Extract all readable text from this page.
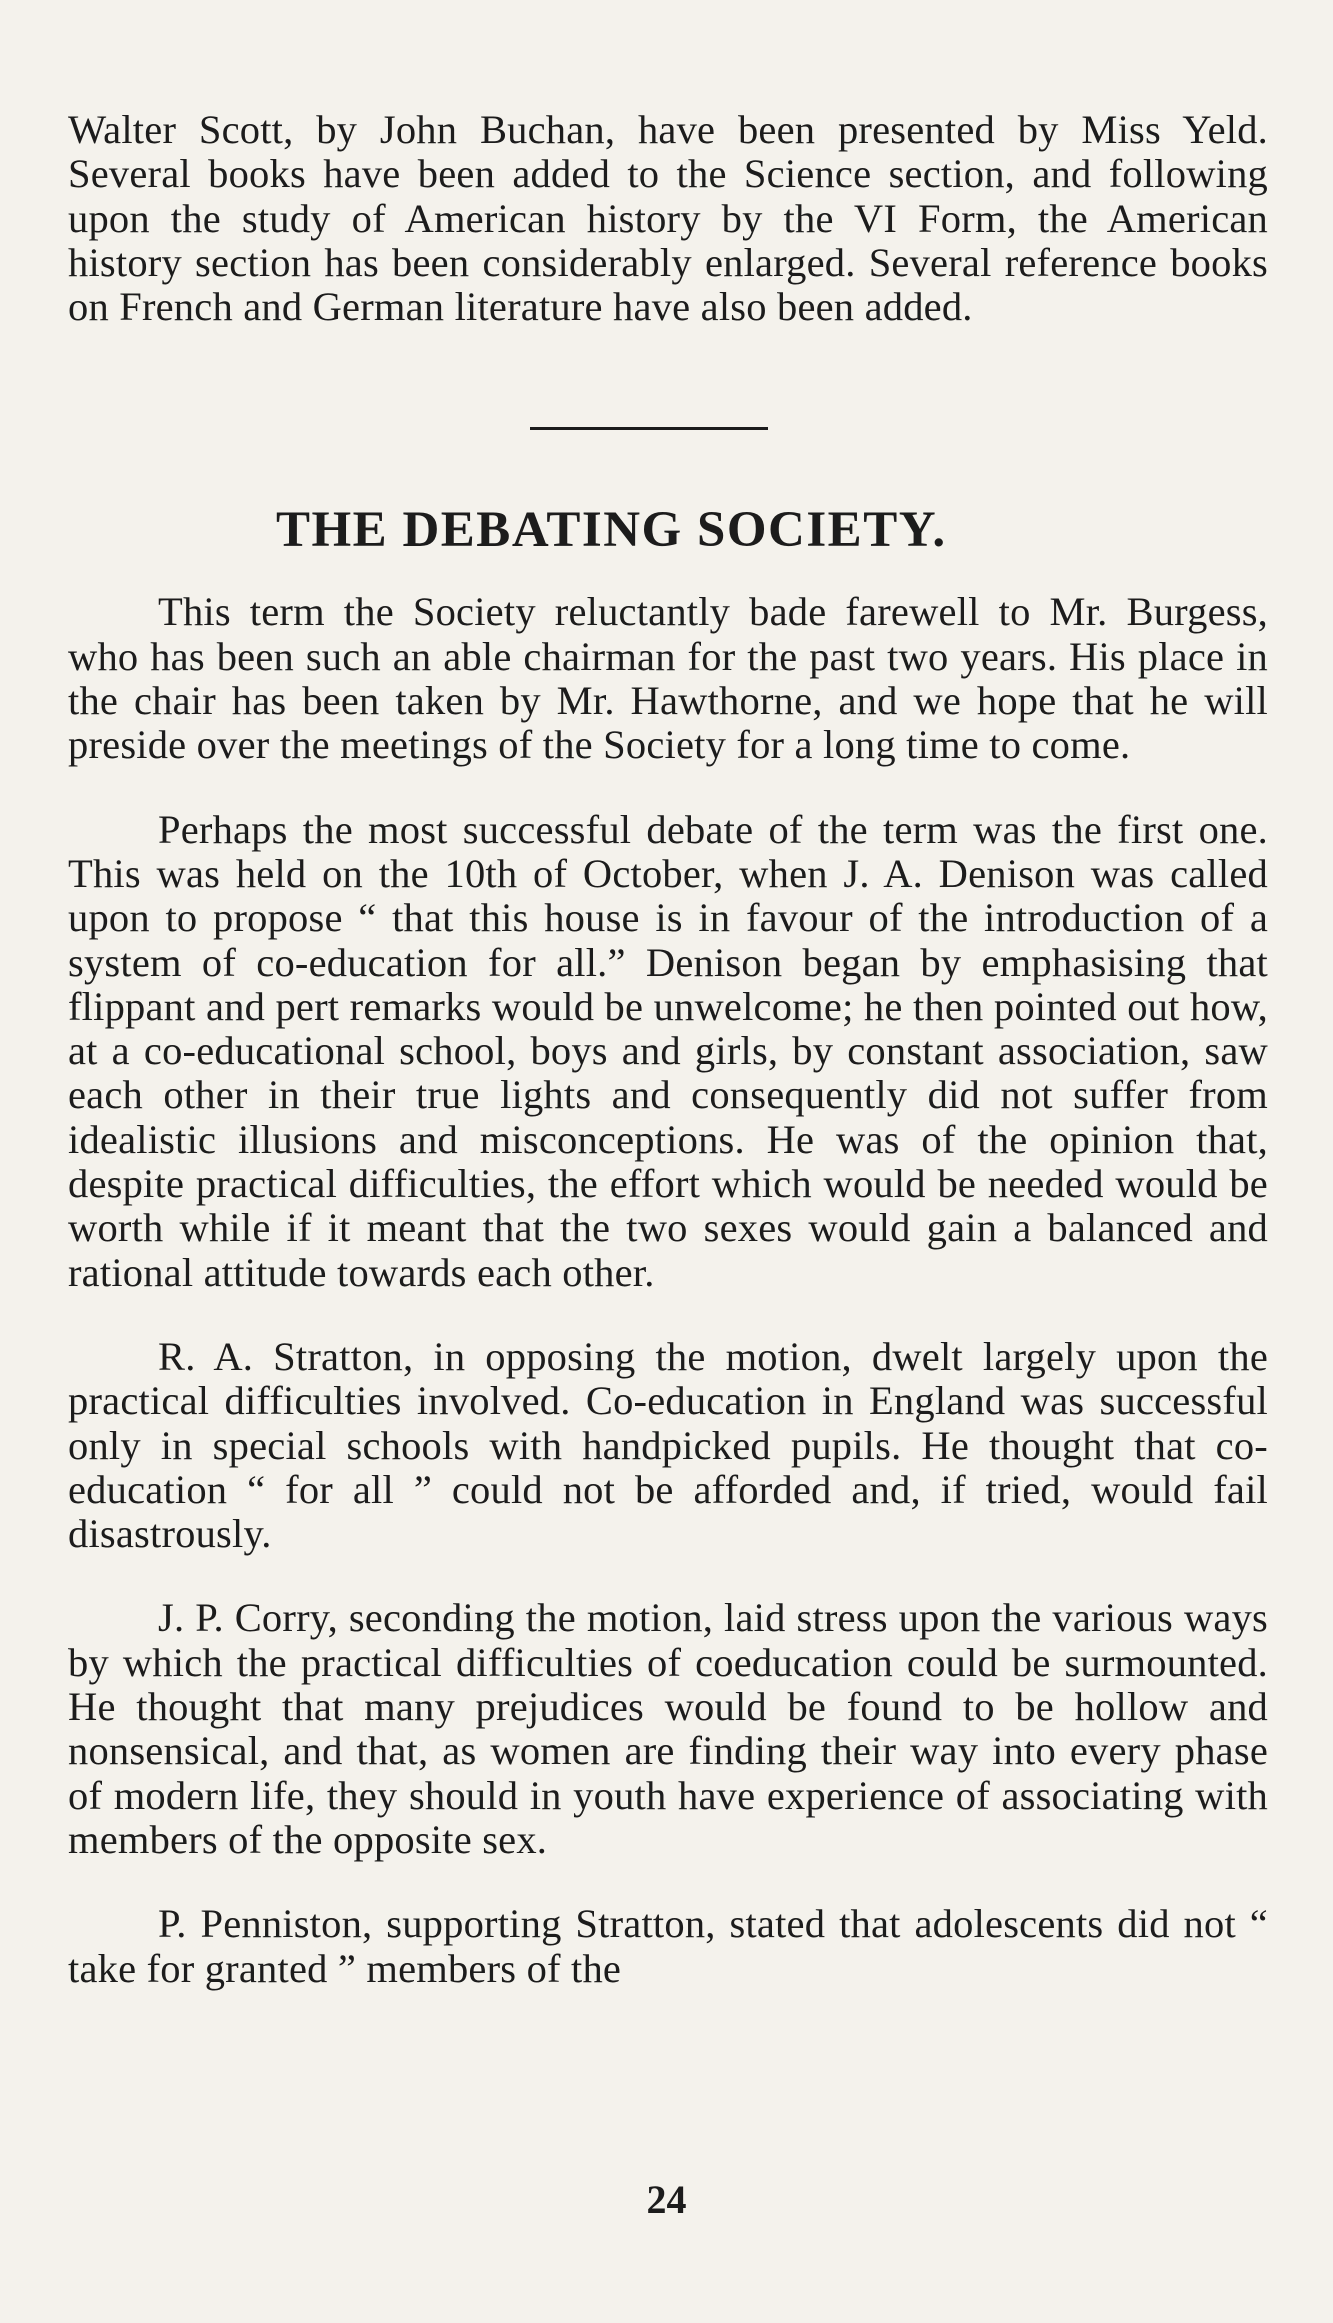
Walter Scott, by John Buchan, have been presented by Miss Yeld. Several books have been added to the Science section, and following upon the study of American history by the VI Form, the American history section has been considerably enlarged. Several reference books on French and German literature have also been added.

THE DEBATING SOCIETY.

This term the Society reluctantly bade farewell to Mr. Burgess, who has been such an able chairman for the past two years. His place in the chair has been taken by Mr. Hawthorne, and we hope that he will preside over the meetings of the Society for a long time to come.

Perhaps the most successful debate of the term was the first one. This was held on the 10th of October, when J. A. Denison was called upon to propose “ that this house is in favour of the introduction of a system of co-education for all.” Denison began by emphasising that flippant and pert remarks would be unwelcome; he then pointed out how, at a co-educational school, boys and girls, by constant association, saw each other in their true lights and consequently did not suffer from idealistic illusions and misconceptions. He was of the opinion that, despite practical difficulties, the effort which would be needed would be worth while if it meant that the two sexes would gain a balanced and rational attitude towards each other.

R. A. Stratton, in opposing the motion, dwelt largely upon the practical difficulties involved. Co-education in England was successful only in special schools with handpicked pupils. He thought that co-education “ for all ” could not be afforded and, if tried, would fail disastrously.

J. P. Corry, seconding the motion, laid stress upon the various ways by which the practical difficulties of coeducation could be surmounted. He thought that many prejudices would be found to be hollow and nonsensical, and that, as women are finding their way into every phase of modern life, they should in youth have experience of associating with members of the opposite sex.

P. Penniston, supporting Stratton, stated that adolescents did not “ take for granted ” members of the

24
